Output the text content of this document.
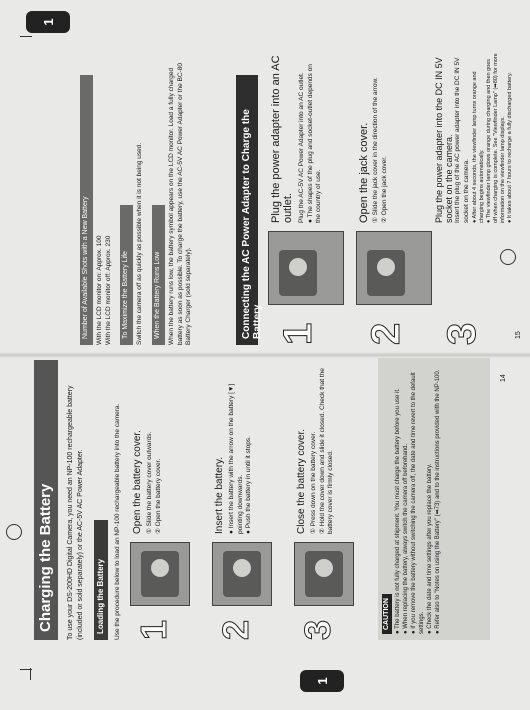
1
Charging the Battery	To use your DS-200HD Digital Camera, you need an NP-100 rechargeable battery (included or sold separately) or the AC-5V AC Power Adapter. Loading the Battery	Use the procedure below to load an NP-100 rechargeable battery into the camera. 1
Open the battery cover. ① Slide the battery cover outwards.
② Open the battery cover.
2
Insert the battery. ● Insert the battery with the arrow on the battery [▼] pointing downwards.
● Push the battery in until it stops.
3
Close the battery cover. ① Press down on the battery cover.
② Hold the cover down and slide it closed. Check that the battery cover is firmly closed.
CAUTION
● The battery is not fully charged at shipment. You must charge the battery before you use it.
● When replacing the battery, always switch the camera off beforehand.
● If you remove the battery without switching the camera off, the date and time revert to the default settings.
● Check the date and time settings after you replace the battery.
● Refer also to "Notes on using the Battery" (➡73) and to the instructions provided with the NP-100.	14
Number of Available Shots with a New Battery	With the LCD monitor on: Approx. 100
With the LCD monitor off: Approx. 230
To Maximize the Battery Life	Switch the camera off as quickly as possible when it is not being used. When the Battery Runs Low	When the battery runs low, the battery symbol appears on the LCD monitor. Load a fully charged battery as soon as possible. To charge the battery, use the AC-5V AC Power Adapter or the BC-80 Battery Charger (sold separately).	Connecting the AC Power Adapter to Charge the Battery 1
Plug the power adapter into an AC outlet. Plug the AC-5V AC Power Adapter into an AC outlet.
● The shapes of the plug and socket-outlet depends on the country of use.
2
Open the jack cover. ① Slide the jack cover in the direction of the arrow.
② Open the jack cover.
3
Plug the power adapter into the DC IN 5V socket on the camera. Insert the plug of the AC power adapter into the DC IN 5V socket on the camera. ● After about 4 seconds, the viewfinder lamp turns orange and charging begins automatically.
● The viewfinder lamp glows orange during charging and then goes off when charging is complete. See "Viewfinder Lamp" (➡80) for more information on the viewfinder lamp displays.
● It takes about 7 hours to recharge a fully discharged battery.
1
15
